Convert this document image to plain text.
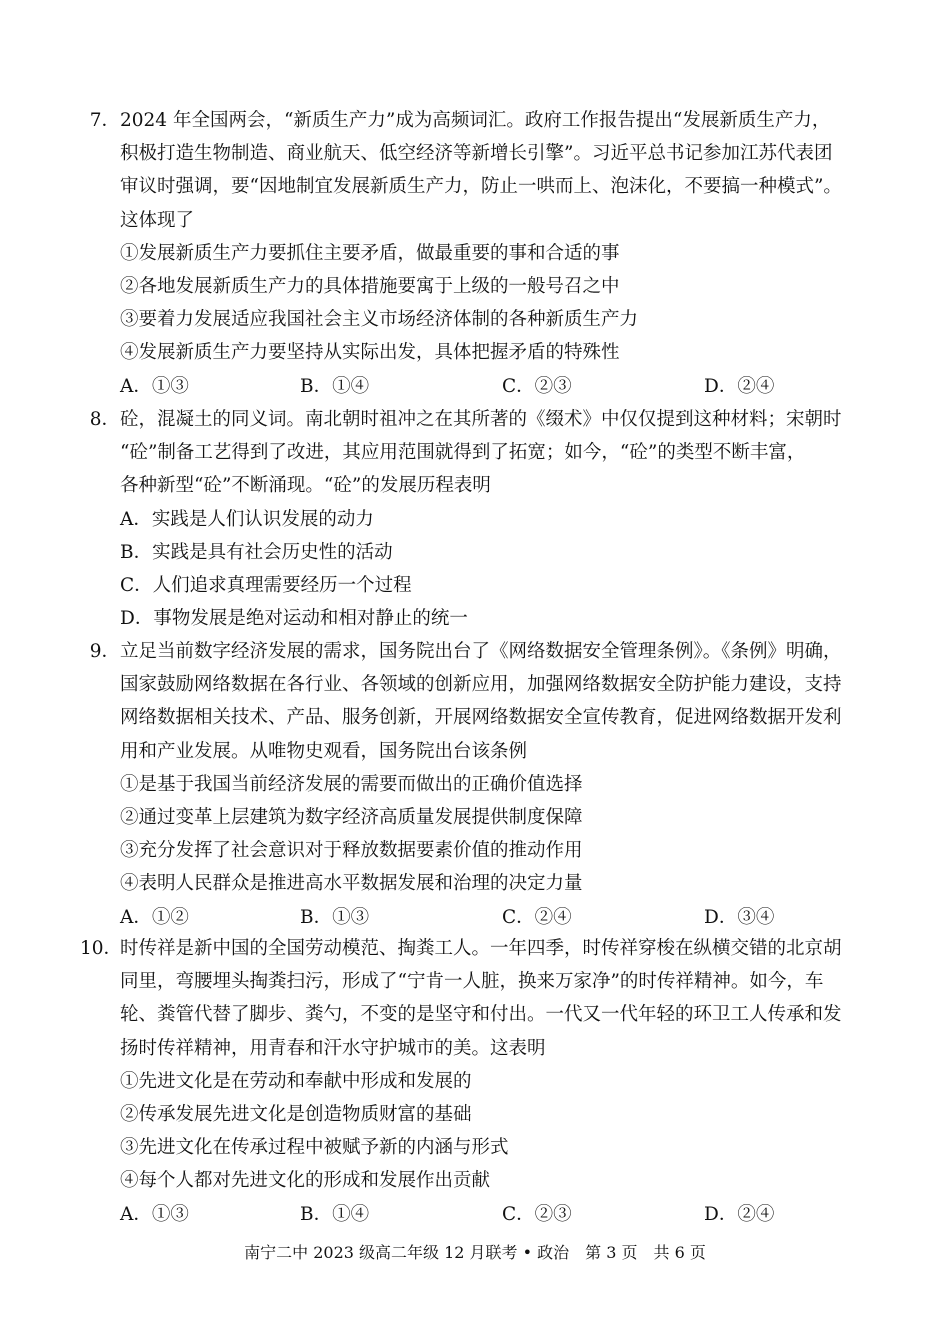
7．2024 年全国两会，“新质生产力”成为高频词汇。政府工作报告提出“发展新质生产力，
积极打造生物制造、商业航天、低空经济等新增长引擎”。习近平总书记参加江苏代表团
审议时强调，要“因地制宜发展新质生产力，防止一哄而上、泡沫化，不要搞一种模式”。
这体现了
①发展新质生产力要抓住主要矛盾，做最重要的事和合适的事
②各地发展新质生产力的具体措施要寓于上级的一般号召之中
③要着力发展适应我国社会主义市场经济体制的各种新质生产力
④发展新质生产力要坚持从实际出发，具体把握矛盾的特殊性
A．①③	B．①④	C．②③	D．②④
8．砼，混凝土的同义词。南北朝时祖冲之在其所著的《缀术》中仅仅提到这种材料；宋朝时
“砼”制备工艺得到了改进，其应用范围就得到了拓宽；如今，“砼”的类型不断丰富，
各种新型“砼”不断涌现。“砼”的发展历程表明
A．实践是人们认识发展的动力
B．实践是具有社会历史性的活动
C．人们追求真理需要经历一个过程
D．事物发展是绝对运动和相对静止的统一
9．立足当前数字经济发展的需求，国务院出台了《网络数据安全管理条例》。《条例》明确，
国家鼓励网络数据在各行业、各领域的创新应用，加强网络数据安全防护能力建设，支持
网络数据相关技术、产品、服务创新，开展网络数据安全宣传教育，促进网络数据开发利
用和产业发展。从唯物史观看，国务院出台该条例
①是基于我国当前经济发展的需要而做出的正确价值选择
②通过变革上层建筑为数字经济高质量发展提供制度保障
③充分发挥了社会意识对于释放数据要素价值的推动作用
④表明人民群众是推进高水平数据发展和治理的决定力量
A．①②	B．①③	C．②④	D．③④
10．时传祥是新中国的全国劳动模范、掏粪工人。一年四季，时传祥穿梭在纵横交错的北京胡
同里，弯腰埋头掏粪扫污，形成了“宁肯一人脏，换来万家净”的时传祥精神。如今，车
轮、粪管代替了脚步、粪勺，不变的是坚守和付出。一代又一代年轻的环卫工人传承和发
扬时传祥精神，用青春和汗水守护城市的美。这表明
①先进文化是在劳动和奉献中形成和发展的
②传承发展先进文化是创造物质财富的基础
③先进文化在传承过程中被赋予新的内涵与形式
④每个人都对先进文化的形成和发展作出贡献
A．①③	B．①④	C．②③	D．②④
南宁二中 2023 级高二年级 12 月联考 • 政治　第 3 页　共 6 页
